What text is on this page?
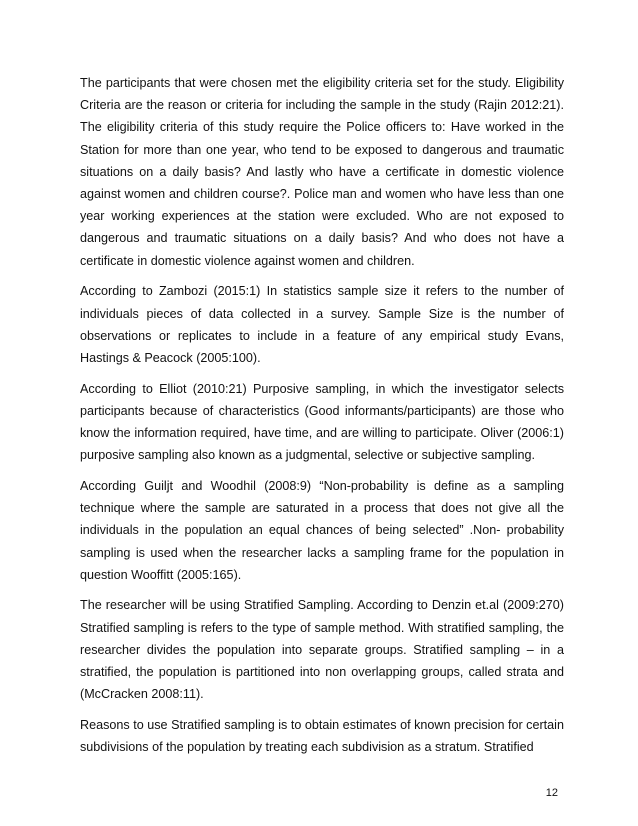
The participants that were chosen met the eligibility criteria set for the study. Eligibility Criteria are the reason or criteria for including the sample in the study (Rajin 2012:21). The eligibility criteria of this study require the Police officers to: Have worked in the Station for more than one year, who tend to be exposed to dangerous and traumatic situations on a daily basis? And lastly who have a certificate in domestic violence against women and children course?. Police man and women who have less than one year working experiences at the station were excluded. Who are not exposed to dangerous and traumatic situations on a daily basis? And who does not have a certificate in domestic violence against women and children.

According to Zambozi (2015:1) In statistics sample size it refers to the number of individuals pieces of data collected in a survey. Sample Size is the number of observations or replicates to include in a feature of any empirical study Evans, Hastings & Peacock (2005:100).

According to Elliot (2010:21) Purposive sampling, in which the investigator selects participants because of characteristics (Good informants/participants) are those who know the information required, have time, and are willing to participate. Oliver (2006:1) purposive sampling also known as a judgmental, selective or subjective sampling.

According Guiljt and Woodhil (2008:9) “Non-probability is define as a sampling technique where the sample are saturated in a process that does not give all the individuals in the population an equal chances of being selected” .Non- probability sampling is used when the researcher lacks a sampling frame for the population in question Wooffitt (2005:165).

The researcher will be using Stratified Sampling. According to Denzin et.al (2009:270) Stratified sampling is refers to the type of sample method. With stratified sampling, the researcher divides the population into separate groups. Stratified sampling – in a stratified, the population is partitioned into non overlapping groups, called strata and (McCracken 2008:11).

Reasons to use Stratified sampling is to obtain estimates of known precision for certain subdivisions of the population by treating each subdivision as a stratum. Stratified

12
